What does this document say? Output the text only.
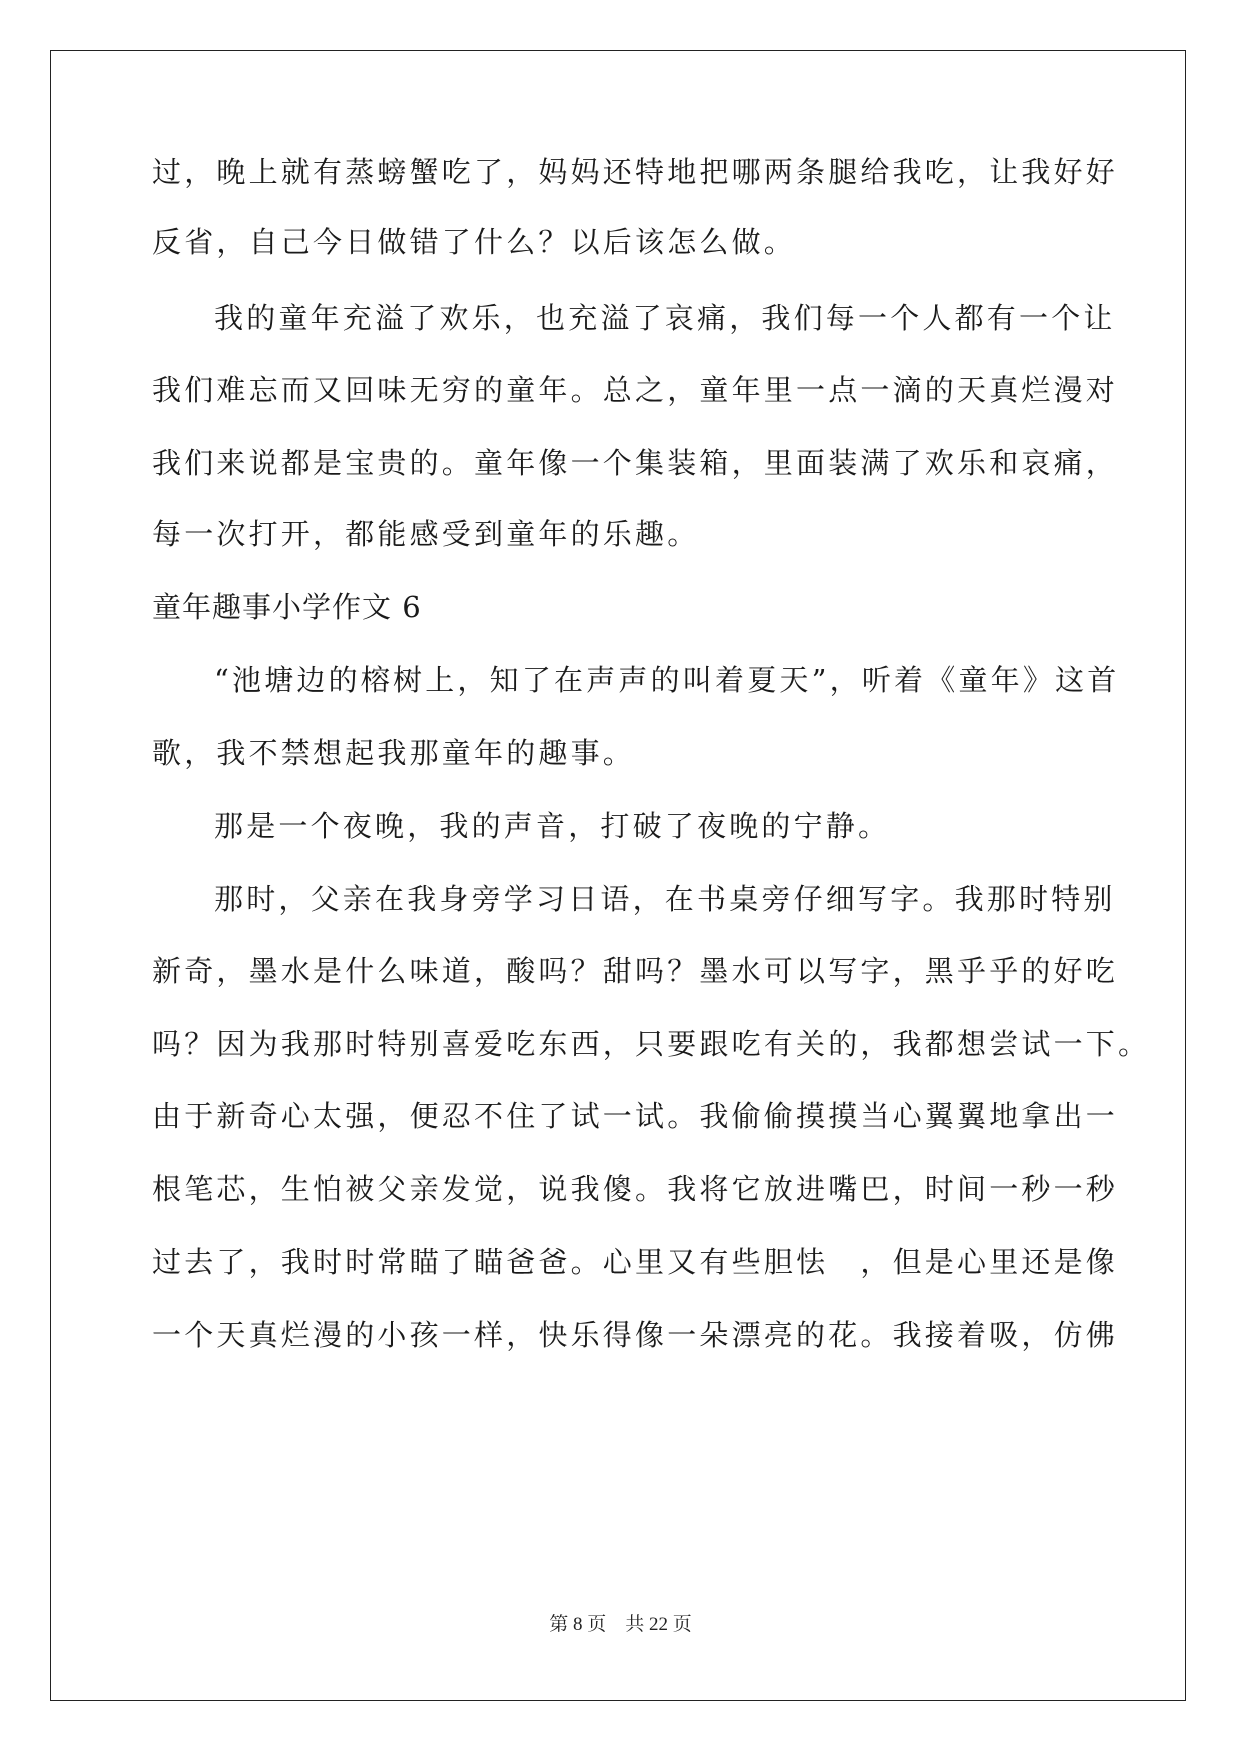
过，晚上就有蒸螃蟹吃了，妈妈还特地把哪两条腿给我吃，让我好好
反省，自己今日做错了什么？以后该怎么做。
我的童年充溢了欢乐，也充溢了哀痛，我们每一个人都有一个让
我们难忘而又回味无穷的童年。总之，童年里一点一滴的天真烂漫对
我们来说都是宝贵的。童年像一个集装箱，里面装满了欢乐和哀痛，
每一次打开，都能感受到童年的乐趣。
童年趣事小学作文 6
“池塘边的榕树上，知了在声声的叫着夏天”，听着《童年》这首
歌，我不禁想起我那童年的趣事。
那是一个夜晚，我的声音，打破了夜晚的宁静。
那时，父亲在我身旁学习日语，在书桌旁仔细写字。我那时特别
新奇，墨水是什么味道，酸吗？甜吗？墨水可以写字，黑乎乎的好吃
吗？因为我那时特别喜爱吃东西，只要跟吃有关的，我都想尝试一下。
由于新奇心太强，便忍不住了试一试。我偷偷摸摸当心翼翼地拿出一
根笔芯，生怕被父亲发觉，说我傻。我将它放进嘴巴，时间一秒一秒
过去了，我时时常瞄了瞄爸爸。心里又有些胆怯　，但是心里还是像
一个天真烂漫的小孩一样，快乐得像一朵漂亮的花。我接着吸，仿佛
第 8 页　共 22 页
